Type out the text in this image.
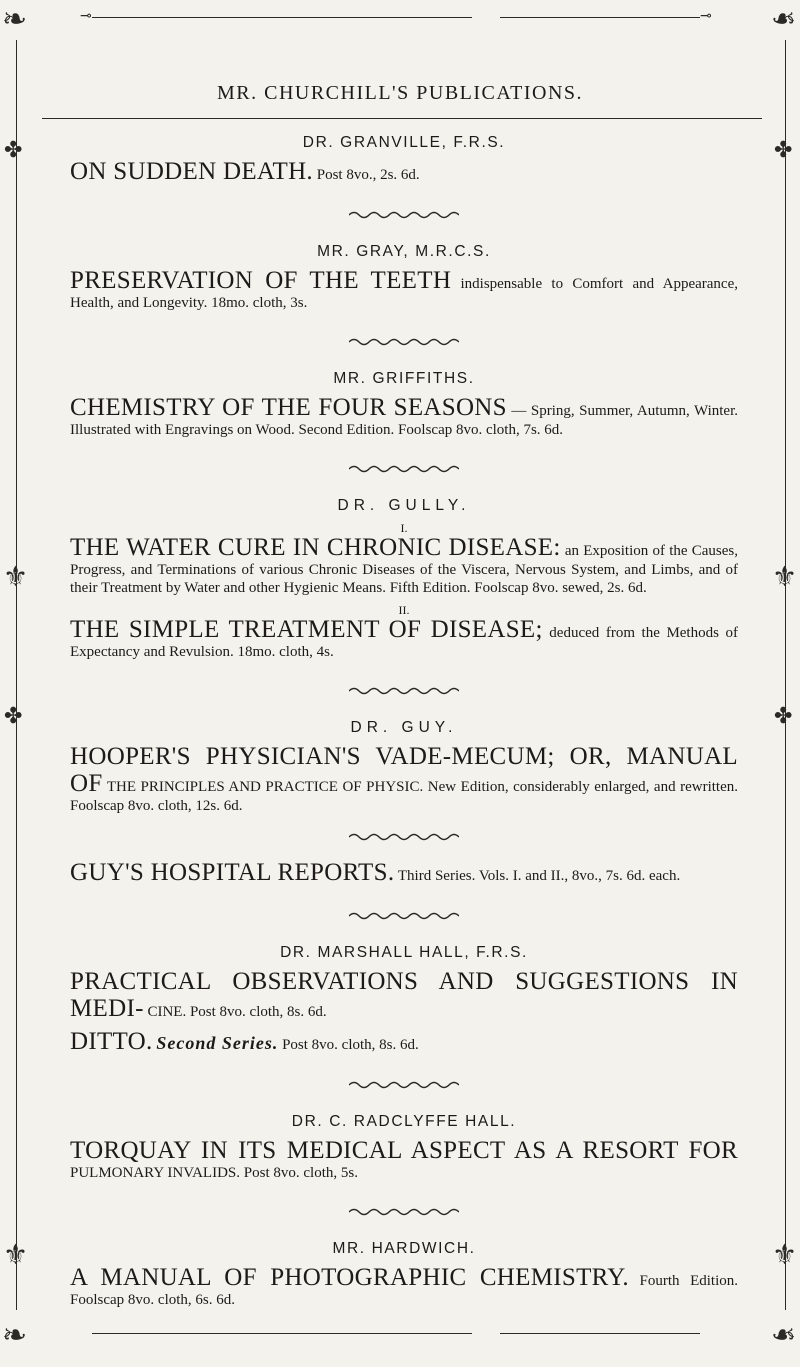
❧	❧
⊸	⊸
MR. CHURCHILL'S PUBLICATIONS.
✤	✤
⚜	⚜
✤	✤
⚜	⚜
❧	❧
DR. GRANVILLE, F.R.S.

ON SUDDEN DEATH. Post 8vo., 2s. 6d.

MR. GRAY, M.R.C.S.

PRESERVATION OF THE TEETH indispensable to Comfort and Appearance, Health, and Longevity. 18mo. cloth, 3s.

MR. GRIFFITHS.

CHEMISTRY OF THE FOUR SEASONS — Spring, Summer, Autumn, Winter. Illustrated with Engravings on Wood. Second Edition. Foolscap 8vo. cloth, 7s. 6d.

DR. GULLY.
I.

THE WATER CURE IN CHRONIC DISEASE: an Exposition of the Causes, Progress, and Terminations of various Chronic Diseases of the Viscera, Nervous System, and Limbs, and of their Treatment by Water and other Hygienic Means. Fifth Edition. Foolscap 8vo. sewed, 2s. 6d.

II.

THE SIMPLE TREATMENT OF DISEASE; deduced from the Methods of Expectancy and Revulsion. 18mo. cloth, 4s.

DR. GUY.

HOOPER'S PHYSICIAN'S VADE-MECUM; OR, MANUAL OF THE PRINCIPLES AND PRACTICE OF PHYSIC. New Edition, considerably enlarged, and rewritten. Foolscap 8vo. cloth, 12s. 6d.

GUY'S HOSPITAL REPORTS. Third Series. Vols. I. and II., 8vo., 7s. 6d. each.

DR. MARSHALL HALL, F.R.S.

PRACTICAL OBSERVATIONS AND SUGGESTIONS IN MEDI- CINE. Post 8vo. cloth, 8s. 6d.

DITTO. Second Series. Post 8vo. cloth, 8s. 6d.

DR. C. RADCLYFFE HALL.

TORQUAY IN ITS MEDICAL ASPECT AS A RESORT FOR PULMONARY INVALIDS. Post 8vo. cloth, 5s.

MR. HARDWICH.

A MANUAL OF PHOTOGRAPHIC CHEMISTRY. Fourth Edition. Foolscap 8vo. cloth, 6s. 6d.
